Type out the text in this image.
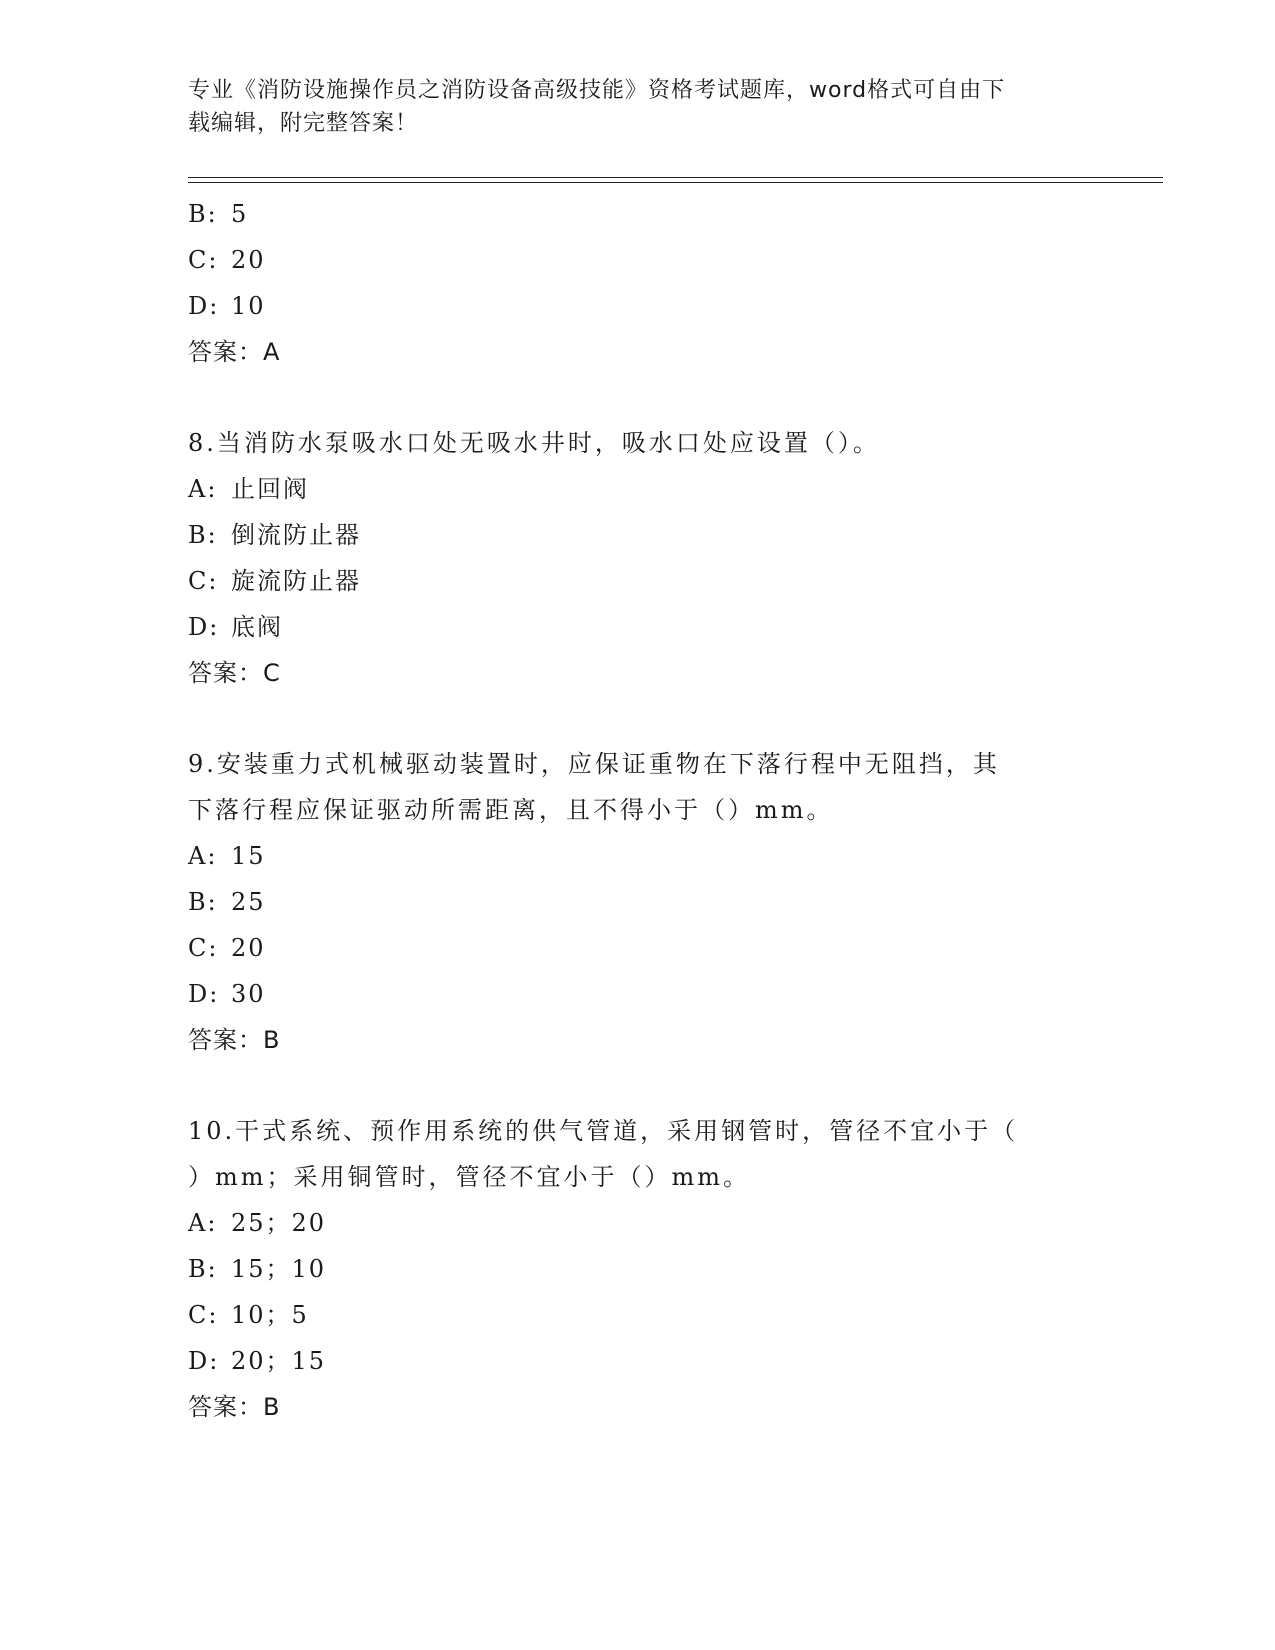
专业《消防设施操作员之消防设备高级技能》资格考试题库，word格式可自由下
载编辑，附完整答案！
B: 5
C: 20
D: 10
答案：A
8.当消防水泵吸水口处无吸水井时，吸水口处应设置（）。
A: 止回阀
B: 倒流防止器
C: 旋流防止器
D: 底阀
答案：C
9.安装重力式机械驱动装置时，应保证重物在下落行程中无阻挡，其
下落行程应保证驱动所需距离，且不得小于（）mm。
A: 15
B: 25
C: 20
D: 30
答案：B
10.干式系统、预作用系统的供气管道，采用钢管时，管径不宜小于（
）mm；采用铜管时，管径不宜小于（）mm。
A: 25；20
B: 15；10
C: 10；5
D: 20；15
答案：B
